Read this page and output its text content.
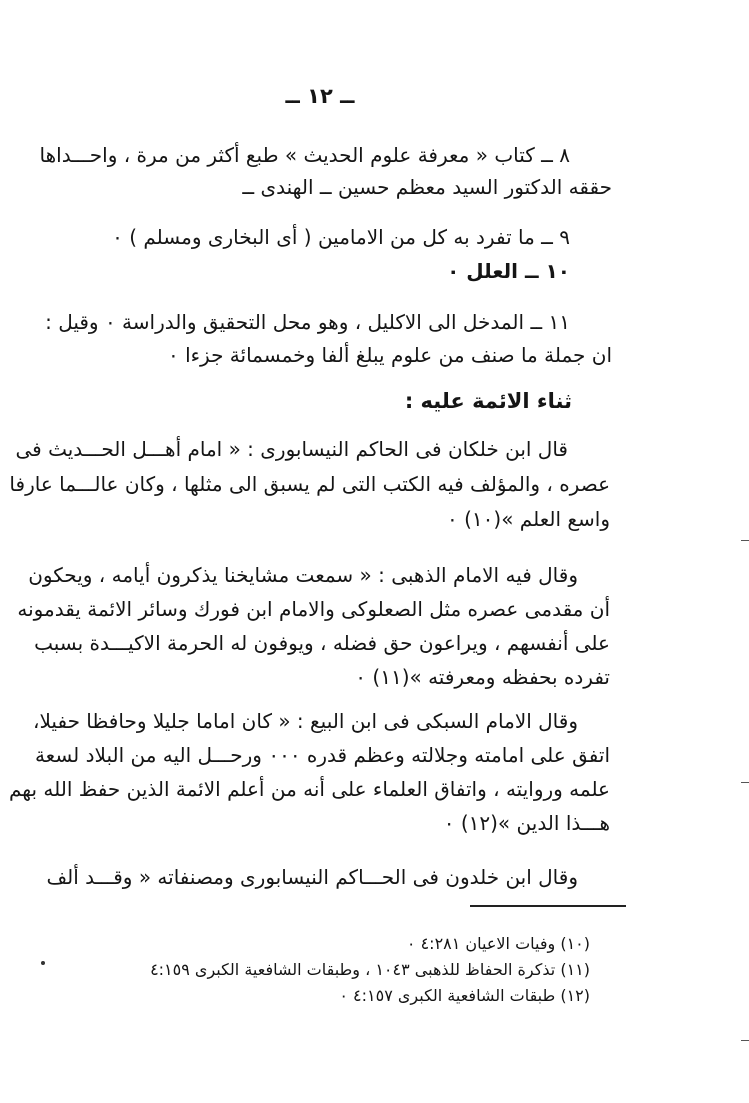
ــ ١٢ ــ
٨ ــ كتاب « معرفة علوم الحديث » طبع أكثر من مرة ، واحـــداها
حققه الدكتور السيد معظم حسين ــ الهندى ــ
٩ ــ ما تفرد به كل من الامامين ( أى البخارى ومسلم ) ٠
١٠ ــ العلل ٠
١١ ــ المدخل الى الاكليل ، وهو محل التحقيق والدراسة ٠ وقيل :
ان جملة ما صنف من علوم يبلغ ألفا وخمسمائة جزءا ٠
ثناء الائمة عليه :
قال ابن خلكان فى الحاكم النيسابورى : « امام أهـــل الحـــديث فى
عصره ، والمؤلف فيه الكتب التى لم يسبق الى مثلها ، وكان عالـــما عارفا
واسع العلم »(١٠) ٠
وقال فيه الامام الذهبى : « سمعت مشايخنا يذكرون أيامه ، ويحكون
أن مقدمى عصره مثل الصعلوكى والامام ابن فورك وسائر الائمة يقدمونه
على أنفسهم ، ويراعون حق فضله ، ويوفون له الحرمة الاكيـــدة بسبب
تفرده بحفظه ومعرفته »(١١) ٠
وقال الامام السبكى فى ابن البيع : « كان اماما جليلا وحافظا حفيلا،
اتفق على امامته وجلالته وعظم قدره ٠٠٠ ورحـــل اليه من البلاد لسعة
علمه وروايته ، واتفاق العلماء على أنه من أعلم الائمة الذين حفظ الله بهم
هـــذا الدين »(١٢) ٠
وقال ابن خلدون فى الحـــاكم النيسابورى ومصنفاته « وقـــد ألف
(١٠) وفيات الاعيان ٤:٢٨١ ٠
(١١) تذكرة الحفاظ للذهبى ١٠٤٣ ، وطبقات الشافعية الكبرى ٤:١٥٩
(١٢) طبقات الشافعية الكبرى ٤:١٥٧ ٠
